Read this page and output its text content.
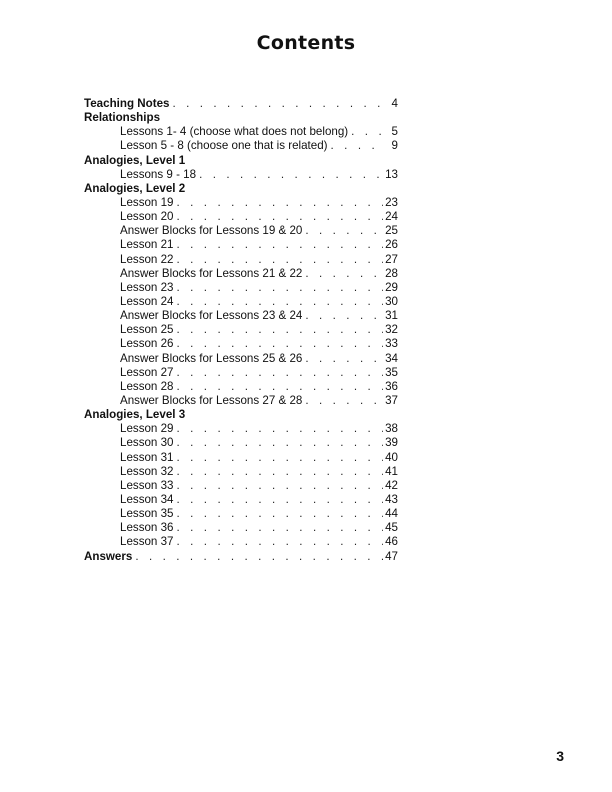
Contents
Teaching Notes . . .	4
Relationships
Lessons 1- 4 (choose what does not belong) . . .	5
Lesson 5 - 8 (choose one that is related) . . .	9
Analogies, Level 1
Lessons 9 - 18 . . .	13
Analogies, Level 2
Lesson 19 . . .	23
Lesson 20 . . .	24
Answer Blocks for Lessons 19 & 20 . . .	25
Lesson 21 . . .	26
Lesson 22 . . .	27
Answer Blocks for Lessons 21 & 22 . . .	28
Lesson 23 . . .	29
Lesson 24 . . .	30
Answer Blocks for Lessons 23 & 24 . . .	31
Lesson 25 . . .	32
Lesson 26 . . .	33
Answer Blocks for Lessons 25 & 26 . . .	34
Lesson 27 . . .	35
Lesson 28 . . .	36
Answer Blocks for Lessons 27 & 28 . . .	37
Analogies, Level 3
Lesson 29 . . .	38
Lesson 30 . . .	39
Lesson 31 . . .	40
Lesson 32 . . .	41
Lesson 33 . . .	42
Lesson 34 . . .	43
Lesson 35 . . .	44
Lesson 36 . . .	45
Lesson 37 . . .	46
Answers . . .	47
3
